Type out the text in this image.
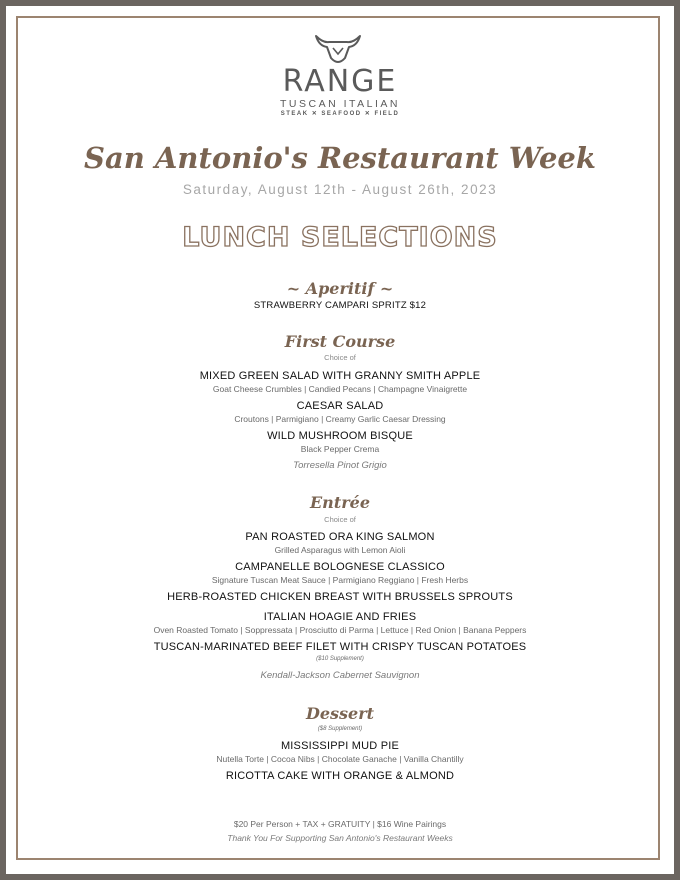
RANGE
TUSCAN ITALIAN
STEAK ✕ SEAFOOD ✕ FIELD
San Antonio's Restaurant Week
Saturday, August 12th - August 26th, 2023
LUNCH SELECTIONS
~ Aperitif ~
STRAWBERRY CAMPARI SPRITZ $12
First Course
Choice of
MIXED GREEN SALAD WITH GRANNY SMITH APPLE
Goat Cheese Crumbles | Candied Pecans | Champagne Vinaigrette
CAESAR SALAD
Croutons | Parmigiano | Creamy Garlic Caesar Dressing
WILD MUSHROOM BISQUE
Black Pepper Crema
Torresella Pinot Grigio
Entrée
Choice of
PAN ROASTED ORA KING SALMON
Grilled Asparagus with Lemon Aioli
CAMPANELLE BOLOGNESE CLASSICO
Signature Tuscan Meat Sauce | Parmigiano Reggiano | Fresh Herbs
HERB-ROASTED CHICKEN BREAST WITH BRUSSELS SPROUTS
ITALIAN HOAGIE AND FRIES
Oven Roasted Tomato | Soppressata | Prosciutto di Parma | Lettuce | Red Onion | Banana Peppers
TUSCAN-MARINATED BEEF FILET WITH CRISPY TUSCAN POTATOES
($10 Supplement)
Kendall-Jackson Cabernet Sauvignon
Dessert
($8 Supplement)
MISSISSIPPI MUD PIE
Nutella Torte | Cocoa Nibs | Chocolate Ganache | Vanilla Chantilly
RICOTTA CAKE WITH ORANGE & ALMOND
$20 Per Person + TAX + GRATUITY | $16 Wine Pairings
Thank You For Supporting San Antonio's Restaurant Weeks
